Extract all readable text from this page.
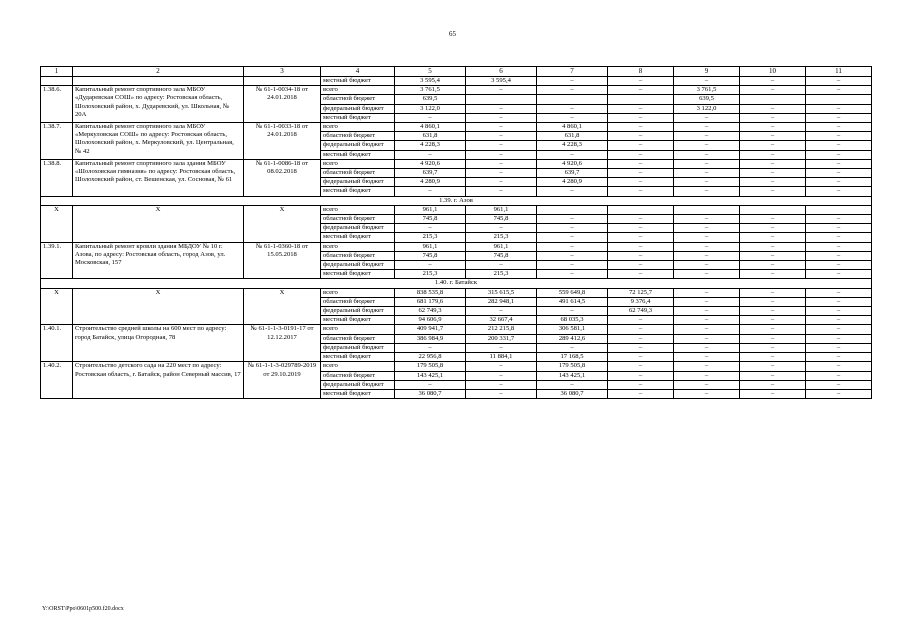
65
1	2	3	4	5	6	7	8	9	10	11
			местный бюджет	3 595,4	3 595,4	–	–	–	–	–
1.38.6.	Капитальный ремонт спортивного зала МБОУ «Дударевская СОШ» по адресу: Ростовская область, Шолоховский район, х. Дударевский, ул. Школьная, № 20А	№ 61-1-0034-18 от 24.01.2018	всего	3 761,5	–	–	–	3 761,5	–	–
			областной бюджет	639,5				639,5		
			федеральный бюджет	3 122,0	–	–	–	3 122,0	–	–
			местный бюджет	–	–	–	–	–	–	–
1.38.7.	Капитальный ремонт спортивного зала МБОУ «Меркуловская СОШ» по адресу: Ростовская область, Шолоховский район, х. Меркуловский, ул. Центральная, № 42	№ 61-1-0033-18 от 24.01.2018	всего	4 860,1	–	4 860,1	–	–	–	–
			областной бюджет	631,8	–	631,8	–	–	–	–
			федеральный бюджет	4 228,3	–	4 228,3	–	–	–	–
			местный бюджет	–	–	–	–	–	–	–
1.38.8.	Капитальный ремонт спортивного зала здания МБОУ «Шолоховская гимназия» по адресу: Ростовская область, Шолоховский район, ст. Вешенская, ул. Сосновая, № 61	№ 61-1-0086-18 от 08.02.2018	всего	4 920,6	–	4 920,6	–	–	–	–
			областной бюджет	639,7	–	639,7	–	–	–	–
			федеральный бюджет	4 280,9	–	4 280,9	–	–	–	–
			местный бюджет	–	–	–	–	–	–	–
1.39. г. Азов										
Х	Х	Х	всего	961,1	961,1					
			областной бюджет	745,8	745,8	–	–	–	–	–
			федеральный бюджет	–	–	–	–	–	–	–
			местный бюджет	215,3	215,3	–	–	–	–	–
1.39.1.	Капитальный ремонт кровли здания МБДОУ № 10 г. Азова, по адресу: Ростовская область, город Азов, ул. Московская, 157	№ 61-1-0360-18 от 15.05.2018	всего	961,1	961,1	–	–	–	–	–
			областной бюджет	745,8	745,8	–	–	–	–	–
			федеральный бюджет	–	–	–	–	–	–	–
			местный бюджет	215,3	215,3	–	–	–	–	–
1.40. г. Батайск										
Х	Х	Х	всего	838 535,8	315 615,5	559 649,8	72 125,7	–	–	–
			областной бюджет	681 179,6	282 948,1	491 614,5	9 376,4	–	–	–
			федеральный бюджет	62 749,3	–	–	62 749,3	–	–	–
			местный бюджет	94 606,9	32 667,4	68 035,3	–	–	–	–
1.40.1.	Строительство средней школы на 600 мест по адресу: город Батайск, улица Огородная, 78	№ 61-1-1-3-0191-17 от 12.12.2017	всего	409 941,7	212 215,8	306 581,1	–	–	–	–
			областной бюджет	386 984,9	200 331,7	289 412,6	–	–	–	–
			федеральный бюджет	–	–	–	–	–	–	–
			местный бюджет	22 956,8	11 884,1	17 168,5	–	–	–	–
1.40.2.	Строительство детского сада на 220 мест по адресу: Ростовская область, г. Батайск, район Северный массив, 17	№ 61-1-1-3-029789-2019 от 29.10.2019	всего	179 505,8	–	179 505,8	–	–	–	–
			областной бюджет	143 425,1	–	143 425,1	–	–	–	–
			федеральный бюджет	–	–	–	–	–	–	–
			местный бюджет	36 080,7	–	36 080,7	–	–	–	–
Y:\ORST\Ppo\0601p500.f20.docx
